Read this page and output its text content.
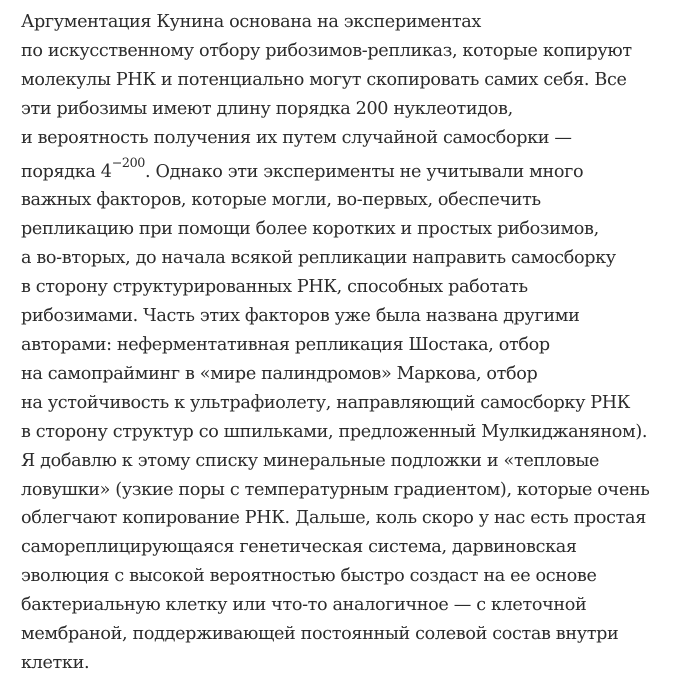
Аргументация Кунина основана на экспериментах
по искусственному отбору рибозимов-репликаз, которые копируют
молекулы РНК и потенциально могут скопировать самих себя. Все
эти рибозимы имеют длину порядка 200 нуклеотидов,
и вероятность получения их путем случайной самосборки —
порядка $4^{-200}$. Однако эти эксперименты не учитывали много
важных факторов, которые могли, во-первых, обеспечить
репликацию при помощи более коротких и простых рибозимов,
а во-вторых, до начала всякой репликации направить самосборку
в сторону структурированных РНК, способных работать
рибозимами. Часть этих факторов уже была названа другими
авторами: неферментативная репликация Шостака, отбор
на самопрайминг в «мире палиндромов» Маркова, отбор
на устойчивость к ультрафиолету, направляющий самосборку РНК
в сторону структур со шпильками, предложенный Мулкиджаняном).
Я добавлю к этому списку минеральные подложки и «тепловые
ловушки» (узкие поры с температурным градиентом), которые очень
облегчают копирование РНК. Дальше, коль скоро у нас есть простая
самореплицирующаяся генетическая система, дарвиновская
эволюция с высокой вероятностью быстро создаст на ее основе
бактериальную клетку или что-то аналогичное — с клеточной
мембраной, поддерживающей постоянный солевой состав внутри
клетки.
